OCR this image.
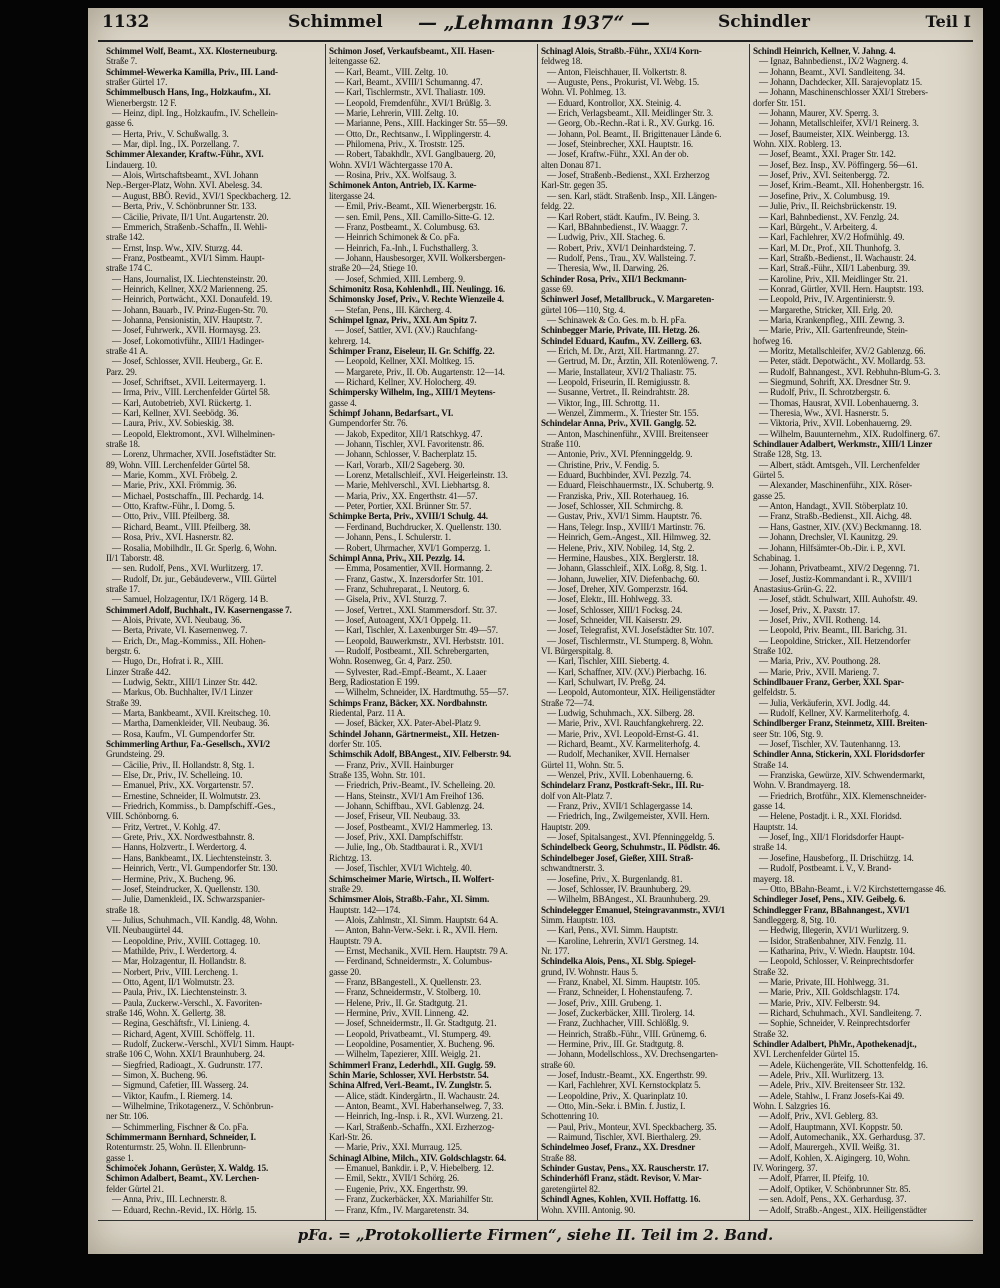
1132	Schimmel — „Lehmann 1937“ —	Schindler	Teil I
Schimmel Wolf, Beamt., XX. Klosterneuburg.
Straße 7.
Schimmel-Wewerka Kamilla, Priv., III. Land-
straßer Gürtel 17.
Schimmelbusch Hans, Ing., Holzkaufm., XI.
Wienerbergstr. 12 F.
— Heinz, dipl. Ing., Holzkaufm., IV. Schellein-
gasse 6.
— Herta, Priv., V. Schußwallg. 3.
— Mar, dipl. Ing., IX. Porzellang. 7.
Schimmer Alexander, Kraftw.-Führ., XVI.
Lindauerg. 10.
— Alois, Wirtschaftsbeamt., XVI. Johann
Nep.-Berger-Platz, Wohn. XVI. Abelesg. 34.
— August, BBÖ. Revid., XVI/1 Speckbacherg. 12.
— Berta, Priv., V. Schönbrunner Str. 133.
— Cäcilie, Private, II/1 Unt. Augartenstr. 20.
— Emmerich, Straßenb.-Schaffn., II. Wehli-
straße 142.
— Ernst, Insp. Ww., XIV. Sturzg. 44.
— Franz, Postbeamt., XVI/1 Simm. Haupt-
straße 174 C.
— Hans, Journalist, IX. Liechtensteinstr. 20.
— Heinrich, Kellner, XX/2 Marienneng. 25.
— Heinrich, Portwächt., XXI. Donaufeld. 19.
— Johann, Bauarb., IV. Prinz-Eugen-Str. 70.
— Johanna, Pensionistin, XIV. Hauptstr. 7.
— Josef, Fuhrwerk., XVII. Hormaysg. 23.
— Josef, Lokomotivführ., XIII/1 Hadinger-
straße 41 A.
— Josef, Schlosser, XVII. Heuberg., Gr. E.
Parz. 29.
— Josef, Schriftset., XVII. Leitermayerg. 1.
— Irma, Priv., VIII. Lerchenfelder Gürtel 58.
— Karl, Autobetrieb, XVI. Rückertg. 1.
— Karl, Kellner, XVI. Seebödg. 36.
— Laura, Priv., XV. Sobieskig. 38.
— Leopold, Elektromont., XVI. Wilhelminen-
straße 18.
— Lorenz, Uhrmacher, XVII. Joseftstädter Str.
89, Wohn. VIII. Lerchenfelder Gürtel 58.
— Marie, Komm., XVI. Fröbelg. 2.
— Marie, Priv., XXI. Frömmig. 36.
— Michael, Postschaffn., III. Pechardg. 14.
— Otto, Kraftw.-Führ., I. Domg. 5.
— Otto, Priv., VIII. Pfeilberg. 38.
— Richard, Beamt., VIII. Pfeilberg. 38.
— Rosa, Priv., XVI. Hasnerstr. 82.
— Rosalia, Mobilhdlr., II. Gr. Sperlg. 6, Wohn.
II/1 Taborstr. 48.
— sen. Rudolf, Pens., XVI. Wurlitzerg. 17.
— Rudolf, Dr. jur., Gebäudeverw., VIII. Gürtel
straße 17.
— Samuel, Holzagentur, IX/1 Rögerg. 14 B.
Schimmerl Adolf, Buchhalt., IV. Kasernengasse 7.
— Alois, Private, XVI. Neubaug. 36.
— Berta, Private, VI. Kasernenweg. 7.
— Erich, Dr., Mag.-Kommiss., XII. Hohen-
bergstr. 6.
— Hugo, Dr., Hofrat i. R., XIII.
Linzer Straße 442.
— Ludwig, Sektr., XIII/1 Linzer Str. 442.
— Markus, Ob. Buchhalter, IV/1 Linzer
Straße 39.
— Marta, Bankbeamt., XVII. Kreitscheg. 10.
— Martha, Damenkleider, VII. Neubaug. 36.
— Rosa, Kaufm., VI. Gumpendorfer Str.
Schimmerling Arthur, Fa.-Gesellsch., XVI/2
Grundsteing. 29.
— Cäcilie, Priv., II. Hollandstr. 8, Stg. 1.
— Else, Dr., Priv., IV. Schelleing. 10.
— Emanuel, Priv., XX. Vorgartenstr. 57.
— Ernestine, Schneider, II. Wolmutstr. 23.
— Friedrich, Kommiss., b. Dampfschiff.-Ges.,
VIII. Schönborng. 6.
— Fritz, Vertret., V. Kohlg. 47.
— Grete, Priv., XX. Nordwestbahnstr. 8.
— Hanns, Holzvertr., I. Werdertorg. 4.
— Hans, Bankbeamt., IX. Liechtensteinstr. 3.
— Heinrich, Vertr., VI. Gumpendorfer Str. 130.
— Hermine, Priv., X. Bucheng. 96.
— Josef, Steindrucker, X. Quellenstr. 130.
— Julie, Damenkleid., IX. Schwarzspanier-
straße 18.
— Julius, Schuhmach., VII. Kandlg. 48, Wohn.
VII. Neubaugürtel 44.
— Leopoldine, Priv., XVIII. Cottageg. 10.
— Mathilde, Priv., I. Werdertorg. 4.
— Mar, Holzagentur, II. Hollandstr. 8.
— Norbert, Priv., VIII. Lercheng. 1.
— Otto, Agent, II/1 Wolmutstr. 23.
— Paula, Priv., IX. Liechtensteinstr. 3.
— Paula, Zuckerw.-Verschl., X. Favoriten-
straße 146, Wohn. X. Gellertg. 38.
— Regina, Geschäftsfr., VI. Linieng. 4.
— Richard, Agent, XVIII. Schöffelg. 11.
— Rudolf, Zuckerw.-Verschl., XVI/1 Simm. Haupt-
straße 106 C, Wohn. XXI/1 Braunhuberg. 24.
— Siegfried, Radioagt., X. Gudrunstr. 177.
— Simon, X. Bucheng. 96.
— Sigmund, Cafetier, III. Wasserg. 24.
— Viktor, Kaufm., I. Riemerg. 14.
— Wilhelmine, Trikotagenerz., V. Schönbrun-
ner Str. 106.
— Schimmerling, Fischner & Co. pFa.
Schimmermann Bernhard, Schneider, I.
Rotenturmstr. 25, Wohn. II. Ellenbrunn-
gasse 1.
Schimoček Johann, Gerüster, X. Waldg. 15.
Schimon Adalbert, Beamt., XV. Lerchen-
felder Gürtel 21.
— Anna, Priv., III. Lechnerstr. 8.
— Eduard, Rechn.-Revid., IX. Hörlg. 15.
Schimon Josef, Verkaufsbeamt., XII. Hasen-
leitengasse 62.
— Karl, Beamt., VIII. Zeltg. 10.
— Karl, Beamt., XVIII/1 Schumanng. 47.
— Karl, Tischlermstr., XVI. Thaliastr. 109.
— Leopold, Fremdenführ., XVI/1 Brüßlg. 3.
— Marie, Lehrerin, VIII. Zeltg. 10.
— Marianne, Pens., XIII. Hackinger Str. 55—59.
— Otto, Dr., Rechtsanw., I. Wipplingerstr. 4.
— Philomena, Priv., X. Troststr. 125.
— Robert, Tabakhdlr., XVI. Ganglbauerg. 20,
Wohn. XVI/1 Wächtergasse 170 A.
— Rosina, Priv., XX. Wolfsaug. 3.
Schimonek Anton, Antrieb, IX. Karme-
litergasse 24.
— Emil, Priv.-Beamt., XII. Wienerbergstr. 16.
— sen. Emil, Pens., XII. Camillo-Sitte-G. 12.
— Franz, Postbeamt., X. Columbusg. 63.
— Heinrich Schimonek & Co. pFa.
— Heinrich, Fa.-Inh., I. Fuchsthallerg. 3.
— Johann, Hausbesorger, XVII. Wolkersbergen-
straße 20—24, Stiege 10.
— Josef, Schmied, XIII. Lemberg. 9.
Schimonitz Rosa, Kohlenhdl., III. Neulingg. 16.
Schimonsky Josef, Priv., V. Rechte Wienzeile 4.
— Stefan, Pens., III. Kärcherg. 4.
Schimpel Ignaz, Priv., XXI. Am Spitz 7.
— Josef, Sattler, XVI. (XV.) Rauchfang-
kehrerg. 14.
Schimper Franz, Eiseleur, II. Gr. Schiffg. 22.
— Leopold, Kellner, XXI. Moltkeg. 15.
— Margarete, Priv., II. Ob. Augartenstr. 12—14.
— Richard, Kellner, XV. Holocherg. 49.
Schimpersky Wilhelm, Ing., XIII/1 Meytens-
gasse 4.
Schimpf Johann, Bedarfsart., VI.
Gumpendorfer Str. 76.
— Jakob, Expeditor, XII/1 Ratschkyg. 47.
— Johann, Tischler, XVI. Favoritenstr. 86.
— Johann, Schlosser, V. Bacherplatz 15.
— Karl, Vorarb., XII/2 Sageberg. 30.
— Lorenz, Metallschleif., XVI. Heigerleinstr. 13.
— Marie, Mehlverschl., XVI. Liebhartsg. 8.
— Maria, Priv., XX. Engerthstr. 41—57.
— Peter, Portier, XXI. Brünner Str. 57.
Schimpke Berta, Priv., XVIII/1 Schulg. 44.
— Ferdinand, Buchdrucker, X. Quellenstr. 130.
— Johann, Pens., I. Schulerstr. 1.
— Robert, Uhrmacher, XVI/1 Gomperzg. 1.
Schimpl Anna, Priv., XII. Pezzlg. 14.
— Emma, Posamentier, XVII. Hormanng. 2.
— Franz, Gastw., X. Inzersdorfer Str. 101.
— Franz, Schuhreparat., I. Neutorg. 6.
— Gisela, Priv., XVI. Sturzg. 7.
— Josef, Vertret., XXI. Stammersdorf. Str. 37.
— Josef, Autoagent, XX/1 Oppelg. 11.
— Karl, Tischler, X. Laxenburger Str. 49—57.
— Leopold, Bauwerkmstr., XVI. Herbststr. 101.
— Rudolf, Postbeamt., XII. Schrebergarten,
Wohn. Rosenweg, Gr. 4, Parz. 250.
— Sylvester, Rad.-Empf.-Beamt., X. Laaer
Berg, Radiostation E 199.
— Wilhelm, Schneider, IX. Hardtmuthg. 55—57.
Schimps Franz, Bäcker, XX. Nordbahnstr.
Riedental, Parz. 11 A.
— Josef, Bäcker, XX. Pater-Abel-Platz 9.
Schindel Johann, Gärtnermeist., XII. Hetzen-
dorfer Str. 105.
Schimschik Adolf, BBAngest., XIV. Felberstr. 94.
— Franz, Priv., XVII. Hainburger
Straße 135, Wohn. Str. 101.
— Friedrich, Priv.-Beamt., IV. Schelleing. 20.
— Hans, Steinstr., XVI/1 Am Freihof 136.
— Johann, Schiffbau., XVI. Gablenzg. 24.
— Josef, Friseur, VII. Neubaug. 33.
— Josef, Postbeamt., XVI/2 Hammerleg. 13.
— Josef, Priv., XXI. Dampfschiffstr.
— Julie, Ing., Ob. Stadtbaurat i. R., XVI/1
Richtzg. 13.
— Josef, Tischler, XVI/1 Wichtelg. 40.
Schimscheimer Marie, Wirtsch., II. Wolfert-
straße 29.
Schimsmer Alois, Straßb.-Fahr., XI. Simm.
Hauptstr. 142—174.
— Alois, Zahlmstr., XI. Simm. Hauptstr. 64 A.
— Anton, Bahn-Verw.-Sekr. i. R., XVII. Hern.
Hauptstr. 79 A.
— Ernst, Mechanik., XVII. Hern. Hauptstr. 79 A.
— Ferdinand, Schneidermstr., X. Columbus-
gasse 20.
— Franz, BBangestell., X. Quellenstr. 23.
— Franz, Schneidermstr., V. Stolberg. 10.
— Helene, Priv., II. Gr. Stadtgutg. 21.
— Hermine, Priv., XVII. Linneng. 42.
— Josef, Schneidermstr., II. Gr. Stadtgutg. 21.
— Leopold, Privatbeamt., VI. Stumperg. 49.
— Leopoldine, Posamentier, X. Bucheng. 96.
— Wilhelm, Tapezierer, XIII. Weiglg. 21.
Schimmerl Franz, Lederhdl., XII. Guglg. 59.
Schin Marie, Schlosser, XVI. Herbststr. 54.
Schina Alfred, Verl.-Beamt., IV. Zunglstr. 5.
— Alice, städt. Kindergärtn., II. Wachaustr. 24.
— Anton, Beamt., XVI. Haberhanselweg. 7, 33.
— Heinrich, Ing.-Insp. i. R., XVI. Wurzeng. 21.
— Karl, Straßenb.-Schaffn., XXI. Erzherzog-
Karl-Str. 26.
— Marie, Priv., XXI. Murraug. 125.
Schinagl Albine, Milch., XIV. Goldschlagstr. 64.
— Emanuel, Bankdir. i. P., V. Hiebelberg. 12.
— Emil, Sektr., XVII/1 Schörg. 26.
— Eugenie, Priv., XX. Engerthstr. 99.
— Franz, Zuckerbäcker, XX. Mariahilfer Str.
— Franz, Kfm., IV. Margaretenstr. 34.
Schinagl Alois, Straßb.-Führ., XXI/4 Korn-
feldweg 18.
— Anton, Fleischhauer, II. Volkertstr. 8.
— Auguste, Pens., Prokurist, VI. Webg. 15.
Wohn. VI. Pohlmeg. 13.
— Eduard, Kontrollor, XX. Steinig. 4.
— Erich, Verlagsbeamt., XII. Meidlinger Str. 3.
— Georg, Ob.-Rechn.-Rat i. R., XV. Gurkg. 16.
— Johann, Pol. Beamt., II. Brigittenauer Lände 6.
— Josef, Steinbrecher, XXI. Hauptstr. 16.
— Josef, Kraftw.-Führ., XXI. An der ob.
alten Donau 871.
— Josef, Straßenb.-Bedienst., XXI. Erzherzog
Karl-Str. gegen 35.
— sen. Karl, städt. Straßenb. Insp., XII. Längen-
feldg. 22.
— Karl Robert, städt. Kaufm., IV. Being. 3.
— Karl, BBahnbedienst., IV. Waaggr. 7.
— Ludwig, Priv., XII. Stacheg. 6.
— Robert, Priv., XVI/1 Deinhardsteing. 7.
— Rudolf, Pens., Trau., XV. Wallsteing. 7.
— Theresia, Ww., II. Darwing. 26.
Schinder Rosa, Priv., XII/1 Beckmann-
gasse 69.
Schinwerl Josef, Metallbruck., V. Margareten-
gürtel 106—110, Stg. 4.
— Schinawek & Co. Ges. m. b. H. pFa.
Schinbegger Marie, Private, III. Hetzg. 26.
Schindel Eduard, Kaufm., XV. Zeillerg. 63.
— Erich, M. Dr., Arzt, XII. Hartmanng. 27.
— Gertrud, M. Dr., Ärztin, XII. Rotenlöweng. 7.
— Marie, Installateur, XVI/2 Thaliastr. 75.
— Leopold, Friseurin, II. Remigiusstr. 8.
— Susanne, Vertret., II. Reindrahtstr. 28.
— Viktor, Ing., III. Schrottg. 11.
— Wenzel, Zimmerm., X. Triester Str. 155.
Schindelar Anna, Priv., XVII. Ganglg. 52.
— Anton, Maschinenführ., XVIII. Breitenseer
Straße 110.
— Antonie, Priv., XVI. Pfenninggeldg. 9.
— Christine, Priv., V. Fendig. 5.
— Eduard, Buchbinder, XVI. Pezzlg. 74.
— Eduard, Fleischhauermstr., IX. Schubertg. 9.
— Franziska, Priv., XII. Roterhaueg. 16.
— Josef, Schlosser, XII. Schmirchg. 8.
— Gustav, Priv., XVI/1 Simm. Hauptstr. 76.
— Hans, Telegr. Insp., XVIII/1 Martinstr. 76.
— Heinrich, Gem.-Angest., XII. Hilmweg. 32.
— Helene, Priv., XIV. Nobileg. 14, Stg. 2.
— Hermine, Hausbes., XIX. Berglerstr. 18.
— Johann, Glasschleif., XIX. Loßg. 8, Stg. 1.
— Johann, Juwelier, XIV. Diefenbachg. 60.
— Josef, Dreher, XIV. Gomperzstr. 164.
— Josef, Elektr., III. Hohlwegg. 33.
— Josef, Schlosser, XIII/1 Focksg. 24.
— Josef, Schneider, VII. Kaiserstr. 29.
— Josef, Telegrafist, XVI. Josefstädter Str. 107.
— Josef, Tischlermstr., VI. Stumperg. 8, Wohn.
VI. Bürgerspitalg. 8.
— Karl, Tischler, XIII. Siebertg. 4.
— Karl, Schaffner, XIV. (XV.) Pierbachg. 16.
— Karl, Schulwart, IV. Preßg. 24.
— Leopold, Automonteur, XIX. Heiligenstädter
Straße 72—74.
— Ludwig, Schuhmach., XX. Silberg. 28.
— Marie, Priv., XVI. Rauchfangkehrerg. 22.
— Marie, Priv., XVI. Leopold-Ernst-G. 41.
— Richard, Beamt., XV. Karmeliterhofg. 4.
— Rudolf, Mechaniker, XVII. Hernalser
Gürtel 11, Wohn. Str. 5.
— Wenzel, Priv., XVII. Lobenhauerng. 6.
Schindelarz Franz, Postkraft-Sekr., III. Ru-
dolf von Alt-Platz 7.
— Franz, Priv., XVII/1 Schlagergasse 14.
— Friedrich, Ing., Zwilgemeister, XVII. Hern.
Hauptstr. 209.
— Josef, Spitalsangest., XVI. Pfenninggeldg. 5.
Schindelbeck Georg, Schuhmstr., II. Pödlstr. 46.
Schindelbeger Josef, Gießer, XIII. Straß-
schwandtnerstr. 3.
— Josefine, Priv., X. Burgenlandg. 81.
— Josef, Schlosser, IV. Braunhuberg. 29.
— Wilhelm, BBAngest., XI. Braunhuberg. 29.
Schindelegger Emanuel, Steingravanmstr., XVI/1
Simm. Hauptstr. 103.
— Karl, Pens., XVI. Simm. Hauptstr.
— Karoline, Lehrerin, XVI/1 Gerstneg. 14.
Nr. 177.
Schindelka Alois, Pens., XI. Sblg. Spiegel-
grund, IV. Wohnstr. Haus 5.
— Franz, Knabel, XI. Simm. Hauptstr. 105.
— Franz, Schneider, I. Hohenstaufeng. 7.
— Josef, Priv., XIII. Grubeng. 1.
— Josef, Zuckerbäcker, XIII. Tirolerg. 14.
— Franz, Zuchhacher, VIII. Schlößlg. 9.
— Heinrich, Straßb.-Führ., VIII. Grünemg. 6.
— Hermine, Priv., III. Gr. Stadtgutg. 8.
— Johann, Modellschloss., XV. Drechsengarten-
straße 60.
— Josef, Industr.-Beamt., XX. Engerthstr. 99.
— Karl, Fachlehrer, XVI. Kernstockplatz 5.
— Leopoldine, Priv., X. Quarinplatz 10.
— Otto, Min.-Sekr. i. BMin. f. Justiz, I.
Schottenring 10.
— Paul, Priv., Monteur, XVI. Speckbacherg. 35.
— Raimund, Tischler, XVI. Bierthalerg. 29.
Schindelmeo Josef, Franz., XX. Dresdner
Straße 88.
Schinder Gustav, Pens., XX. Rauscherstr. 17.
Schinderhöfl Franz, städt. Revisor, V. Mar-
garetengürtel 82.
Schindl Agnes, Kohlen, XVII. Hoffattg. 16.
Wohn. XVIII. Antonig. 90.
Schindl Heinrich, Kellner, V. Jahng. 4.
— Ignaz, Bahnbedienst., IX/2 Wagnerg. 4.
— Johann, Beamt., XVI. Sandleiteng. 34.
— Johann, Dachdecker, XII. Sarajevoplatz 15.
— Johann, Maschinenschlosser XXI/1 Strebers-
dorfer Str. 151.
— Johann, Maurer, XV. Sperrg. 3.
— Johann, Metallschleifer, XVI/1 Reinerg. 3.
— Josef, Baumeister, XIX. Weinbergg. 13.
Wohn. XIX. Roblerg. 13.
— Josef, Beamt., XXI. Prager Str. 142.
— Josef, Bez. Insp., XV. Pöffingerg. 56—61.
— Josef, Priv., XVI. Seitenbergg. 72.
— Josef, Krim.-Beamt., XII. Hohenbergstr. 16.
— Josefine, Priv., X. Columbusg. 19.
— Julie, Priv., II. Reichsbrückenstr. 19.
— Karl, Bahnbedienst., XV. Fenzlg. 24.
— Karl, Bürgeht., V. Arbeiterg. 4.
— Karl, Fachlehrer, XV/2 Hofmühlg. 49.
— Karl, M. Dr., Prof., XII. Thunhofg. 3.
— Karl, Straßb.-Bedienst., II. Wachaustr. 24.
— Karl, Straß.-Führ., XII/1 Labenburg. 39.
— Karoline, Priv., XII. Meidlinger Str. 21.
— Konrad, Gürtler, XVII. Hern. Hauptstr. 193.
— Leopold, Priv., IV. Argentinierstr. 9.
— Margarethe, Stricker, XII. Erlg. 20.
— Maria, Krankenpfleg., XIII. Zewng. 3.
— Marie, Priv., XII. Gartenfreunde, Stein-
hofweg 16.
— Moritz, Metallschleifer, XV/2 Gablenzg. 66.
— Peter, städt. Depotwächt., XV. Mollardg. 53.
— Rudolf, Bahnangest., XVI. Rebhuhn-Blum-G. 3.
— Siegmund, Sohrift, XX. Dresdner Str. 9.
— Rudolf, Priv., II. Schrotzbergstr. 6.
— Thomas, Hausrat, XVII. Lobenhauerng. 3.
— Theresia, Ww., XVI. Hasnerstr. 5.
— Viktoria, Priv., XVII. Lobenhauerng. 29.
— Wilhelm, Bauunternehm., XIX. Rudolfinerg. 67.
Schindlauer Adalbert, Werkmstr., XIII/1 Linzer
Straße 128, Stg. 13.
— Albert, städt. Amtsgeh., VII. Lerchenfelder
Gürtel 5.
— Alexander, Maschinenführ., XIX. Röser-
gasse 25.
— Anton, Handagt., XVII. Stöberplatz 10.
— Franz, Straßb.-Bedienst., XII. Aichg. 48.
— Hans, Gastner, XIV. (XV.) Beckmanng. 18.
— Johann, Drechsler, VI. Kaunitzg. 29.
— Johann, Hilfsämter-Ob.-Dir. i. P., XVI.
Schabinag. 1.
— Johann, Privatbeamt., XIV/2 Degenng. 71.
— Josef, Justiz-Kommandant i. R., XVIII/1
Anastasius-Grün-G. 22.
— Josef, städt. Schulwart, XIII. Auhofstr. 49.
— Josef, Priv., X. Paxstr. 17.
— Josef, Priv., XVII. Rotheng. 14.
— Leopold, Priv. Beamt., III. Barichg. 31.
— Leopoldine, Stricker., XII. Hetzendorfer
Straße 102.
— Maria, Priv., XV. Pouthong. 28.
— Marie, Priv., XVII. Marieng. 7.
Schindlbauer Franz, Gerber, XXI. Spar-
gelfeldstr. 5.
— Julia, Verkäuferin, XVI. Jodlg. 44.
— Rudolf, Kellner, XV. Karmeliterhofg. 4.
Schindlberger Franz, Steinmetz, XIII. Breiten-
seer Str. 106, Stg. 9.
— Josef, Tischler, XV. Tautenhanng. 13.
Schindler Anna, Stickerin, XXI. Floridsdorfer
Straße 14.
— Franziska, Gewürze, XIV. Schwendermarkt,
Wohn. V. Brandmayerg. 18.
— Friedrich, Brotführ., XIX. Klemenschneider-
gasse 14.
— Helene, Postadjt. i. R., XXI. Floridsd.
Hauptstr. 14.
— Josef, Ing., XII/1 Floridsdorfer Haupt-
straße 14.
— Josefine, Hausbeforg., II. Drischützg. 14.
— Rudolf, Postbeamt. i. V., V. Brand-
mayerg. 18.
— Otto, BBahn-Beamt., i. V/2 Kirchstetterngasse 46.
Schindleger Josef, Pens., XIV. Geibelg. 6.
Schindlegger Franz, BBahnangest., XVI/1
Sandleggerg. 8, Stg. 10.
— Hedwig, Illegerin, XVI/1 Wurlitzerg. 9.
— Isidor, Straßenbahner, XIV. Fenzlg. 11.
— Katharina, Priv., V. Wiedn. Hauptstr. 104.
— Leopold, Schlosser, V. Reinprechtsdorfer
Straße 32.
— Marie, Private, III. Hohlwegg. 31.
— Marie, Priv., XII. Goldschlagstr. 174.
— Marie, Priv., XIV. Felberstr. 94.
— Richard, Schuhmach., XVI. Sandleiteng. 7.
— Sophie, Schneider, V. Reinprechtsdorfer
Straße 32.
Schindler Adalbert, PhMr., Apothekenadjt.,
XVI. Lerchenfelder Gürtel 15.
— Adele, Küchengeräte, VII. Schottenfeldg. 16.
— Adele, Priv., XII. Wurlitzerg. 13.
— Adele, Priv., XIV. Breitenseer Str. 132.
— Adele, Stahlw., I. Franz Josefs-Kai 49.
Wohn. I. Salzgries 16.
— Adolf, Priv., XVI. Geblerg. 83.
— Adolf, Hauptmann, XVI. Koppstr. 50.
— Adolf, Automechanik., XX. Gerhardusg. 37.
— Adolf, Maurergeh., XVII. Weißg. 31.
— Adolf, Kohlen, X. Aigingerg. 10, Wohn.
IV. Woringerg. 37.
— Adolf, Pfarrer, II. Pfeifg. 10.
— Adolf, Optiker, V. Schönbrunner Str. 85.
— sen. Adolf, Pens., XX. Gerhardusg. 37.
— Adolf, Straßb.-Angest., XIX. Heiligenstädter
pFa. = „Protokollierte Firmen“, siehe II. Teil im 2. Band.
